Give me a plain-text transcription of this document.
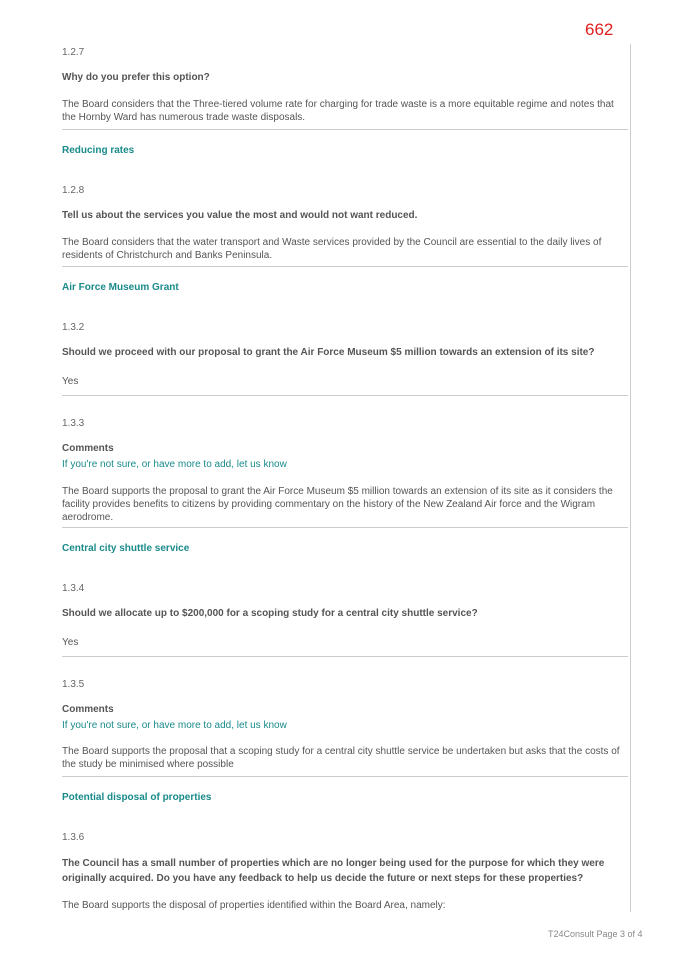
662
1.2.7
Why do you prefer this option?
The Board considers that the Three-tiered volume rate for charging for trade waste is a more equitable regime and notes that the Hornby Ward has numerous trade waste disposals.
Reducing rates
1.2.8
Tell us about the services you value the most and would not want reduced.
The Board considers that the water transport and Waste services provided by the Council are essential to the daily lives of residents of Christchurch and Banks Peninsula.
Air Force Museum Grant
1.3.2
Should we proceed with our proposal to grant the Air Force Museum $5 million towards an extension of its site?
Yes
1.3.3
Comments
If you're not sure, or have more to add, let us know
The Board supports the proposal to grant the Air Force Museum $5 million towards an extension of its site as it considers the facility provides benefits to citizens by providing commentary on the history of the New Zealand Air force and the Wigram aerodrome.
Central city shuttle service
1.3.4
Should we allocate up to $200,000 for a scoping study for a central city shuttle service?
Yes
1.3.5
Comments
If you're not sure, or have more to add, let us know
The Board supports the proposal that a scoping study for a central city shuttle service be undertaken but asks that the costs of the study be minimised where possible
Potential disposal of properties
1.3.6
The Council has a small number of properties which are no longer being used for the purpose for which they were originally acquired. Do you have any feedback to help us decide the future or next steps for these properties?
The Board supports the disposal of properties identified within the Board Area, namely:
T24Consult Page 3 of 4
